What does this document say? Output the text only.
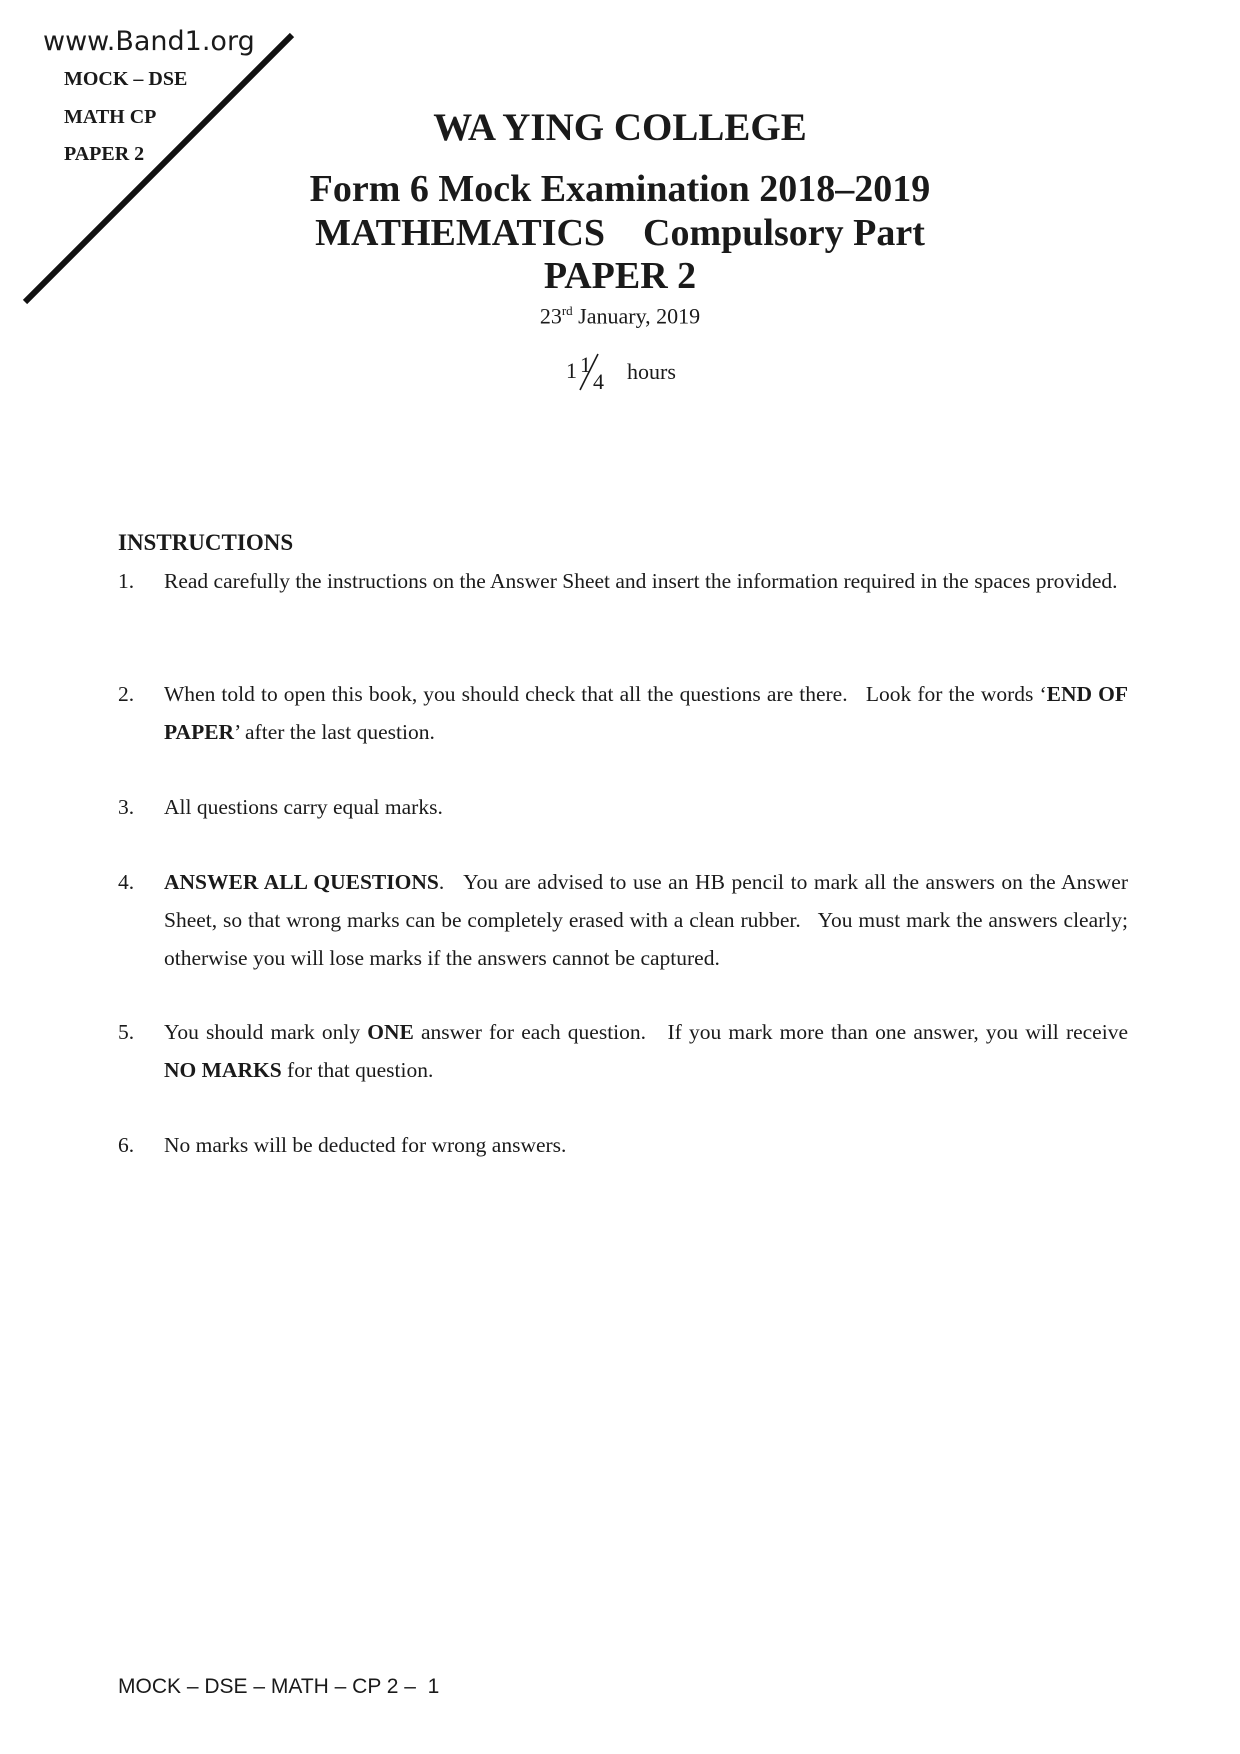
www.Band1.org
MOCK – DSE
MATH CP
PAPER 2
WA YING COLLEGE
Form 6 Mock Examination 2018–2019
MATHEMATICS    Compulsory Part
PAPER 2
23rd January, 2019
1 1
4 hours
INSTRUCTIONS
1. Read carefully the instructions on the Answer Sheet and insert the information required in the spaces provided.
2. When told to open this book, you should check that all the questions are there.   Look for the words ‘END OF PAPER’ after the last question.
3. All questions carry equal marks.
4. ANSWER ALL QUESTIONS.   You are advised to use an HB pencil to mark all the answers on the Answer Sheet, so that wrong marks can be completely erased with a clean rubber.   You must mark the answers clearly; otherwise you will lose marks if the answers cannot be captured.
5. You should mark only ONE answer for each question.   If you mark more than one answer, you will receive NO MARKS for that question.
6. No marks will be deducted for wrong answers.
MOCK – DSE – MATH – CP 2 –  1
